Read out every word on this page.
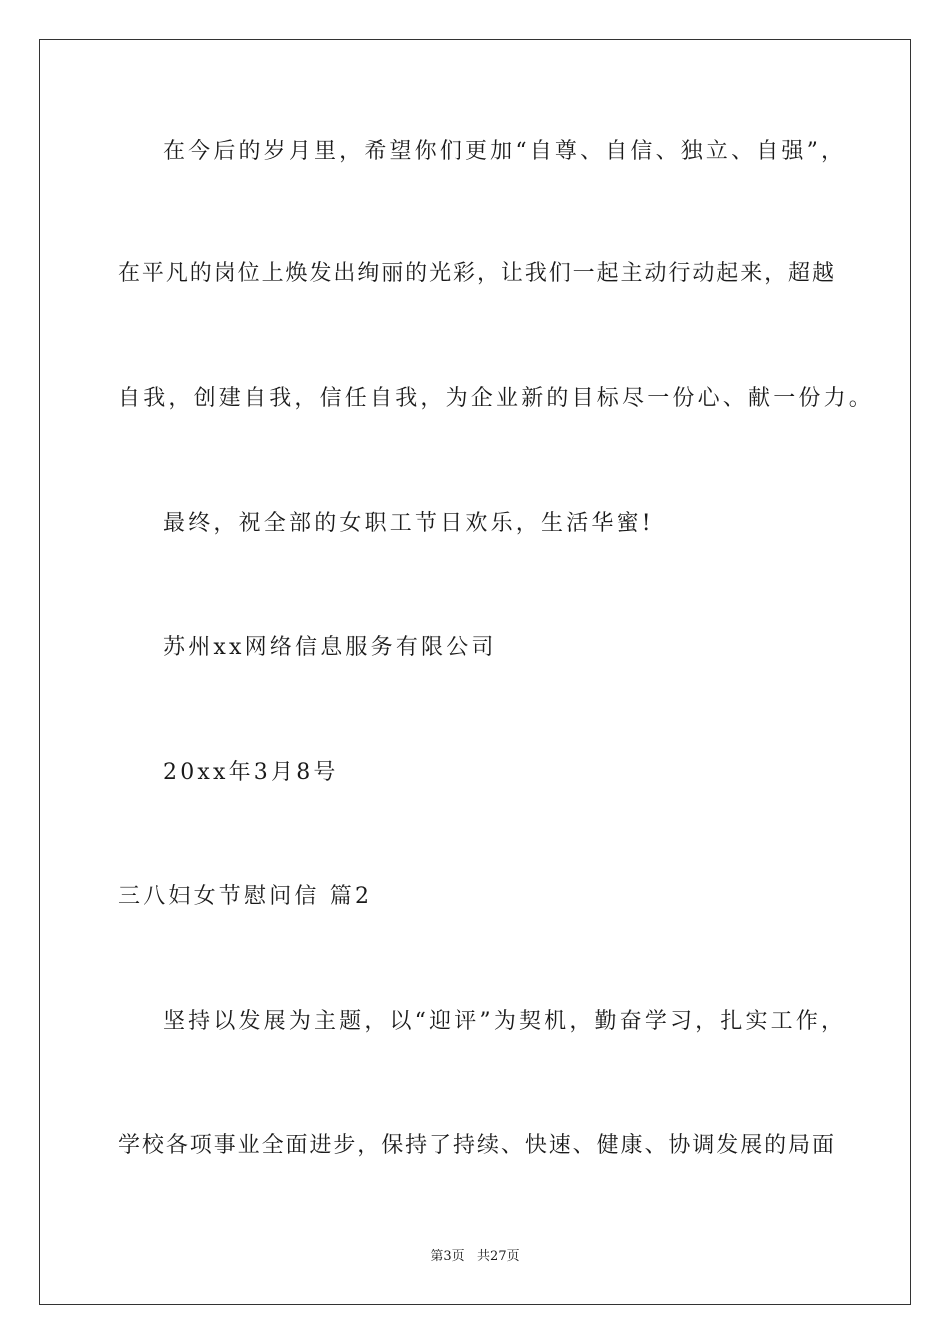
在今后的岁月里，希望你们更加“自尊、自信、独立、自强”，
在平凡的岗位上焕发出绚丽的光彩，让我们一起主动行动起来，超越
自我，创建自我，信任自我，为企业新的目标尽一份心、献一份力。
最终，祝全部的女职工节日欢乐，生活华蜜!
苏州xx网络信息服务有限公司
20xx年3月8号
三八妇女节慰问信 篇2
坚持以发展为主题，以“迎评”为契机，勤奋学习，扎实工作，
学校各项事业全面进步，保持了持续、快速、健康、协调发展的局面
第3页   共27页
